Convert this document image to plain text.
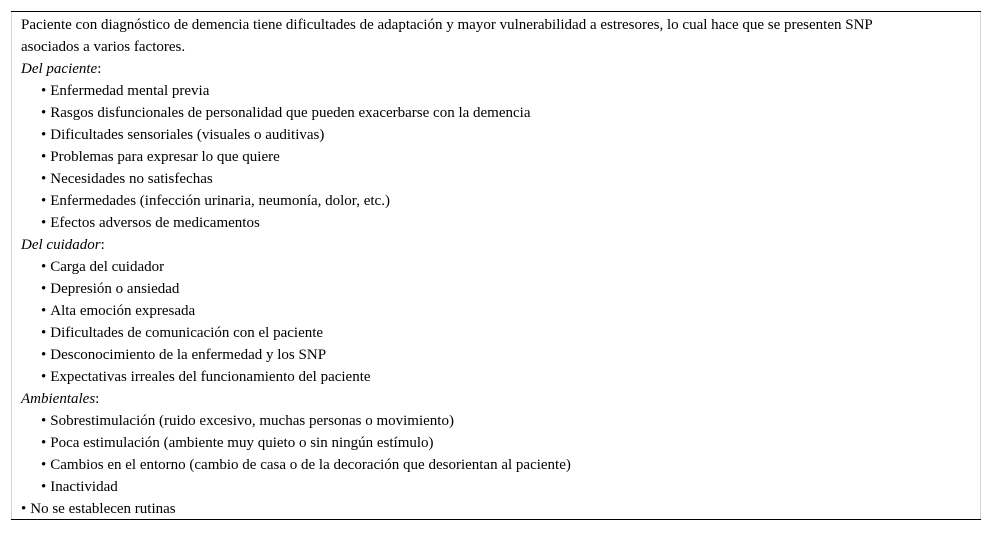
Paciente con diagnóstico de demencia tiene dificultades de adaptación y mayor vulnerabilidad a estresores, lo cual hace que se presenten SNP
asociados a varios factores.
Del paciente:
• Enfermedad mental previa
• Rasgos disfuncionales de personalidad que pueden exacerbarse con la demencia
• Dificultades sensoriales (visuales o auditivas)
• Problemas para expresar lo que quiere
• Necesidades no satisfechas
• Enfermedades (infección urinaria, neumonía, dolor, etc.)
• Efectos adversos de medicamentos
Del cuidador:
• Carga del cuidador
• Depresión o ansiedad
• Alta emoción expresada
• Dificultades de comunicación con el paciente
• Desconocimiento de la enfermedad y los SNP
• Expectativas irreales del funcionamiento del paciente
Ambientales:
• Sobrestimulación (ruido excesivo, muchas personas o movimiento)
• Poca estimulación (ambiente muy quieto o sin ningún estímulo)
• Cambios en el entorno (cambio de casa o de la decoración que desorientan al paciente)
• Inactividad
• No se establecen rutinas
